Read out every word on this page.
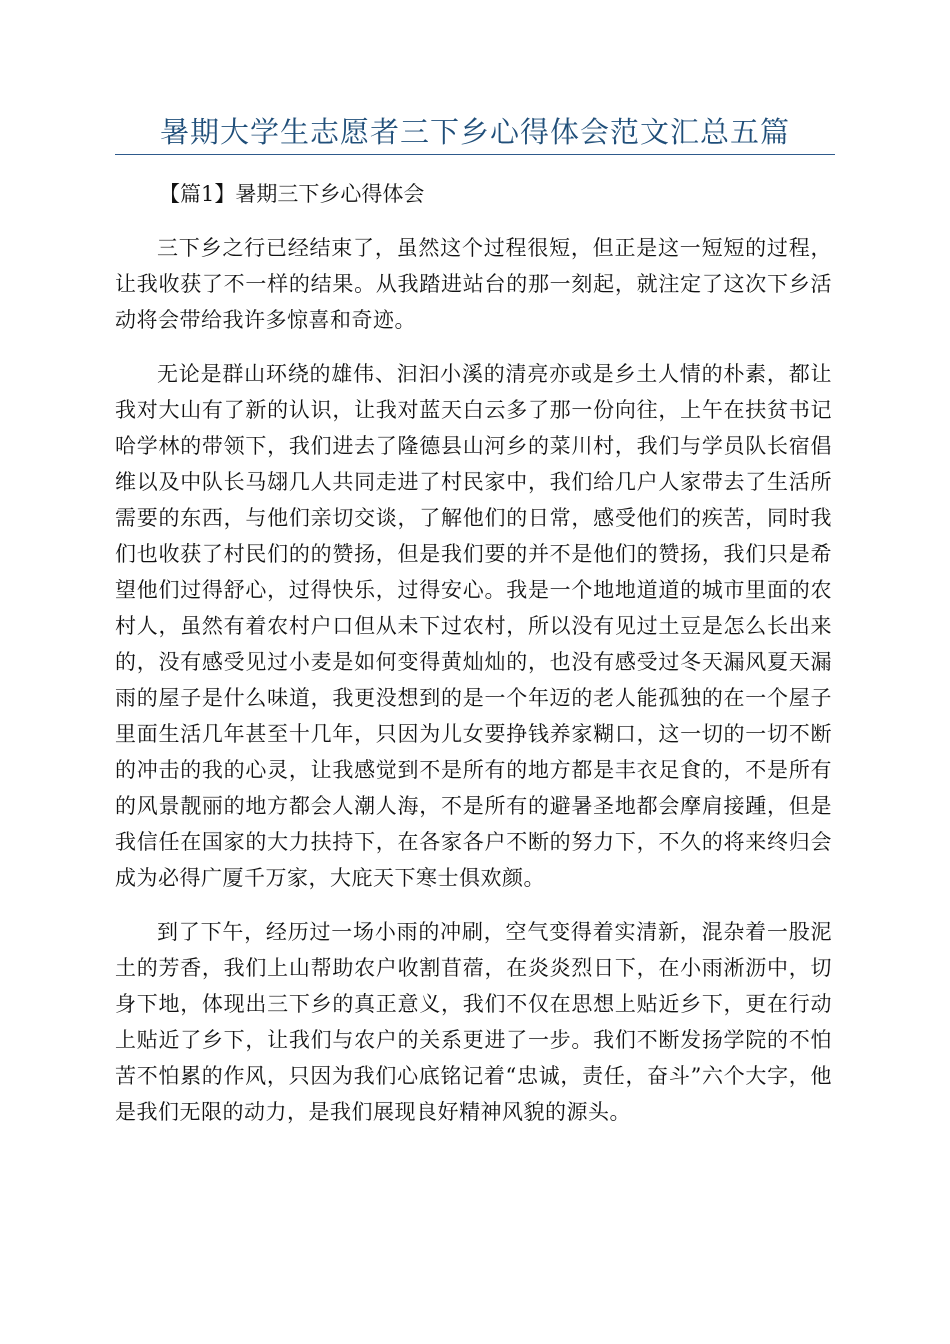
暑期大学生志愿者三下乡心得体会范文汇总五篇

【篇1】暑期三下乡心得体会

三下乡之行已经结束了，虽然这个过程很短，但正是这一短短的过程，让我收获了不一样的结果。从我踏进站台的那一刻起，就注定了这次下乡活动将会带给我许多惊喜和奇迹。

无论是群山环绕的雄伟、汩汩小溪的清亮亦或是乡土人情的朴素，都让我对大山有了新的认识，让我对蓝天白云多了那一份向往，上午在扶贫书记哈学林的带领下，我们进去了隆德县山河乡的菜川村，我们与学员队长宿倡维以及中队长马翃几人共同走进了村民家中，我们给几户人家带去了生活所需要的东西，与他们亲切交谈，了解他们的日常，感受他们的疾苦，同时我们也收获了村民们的的赞扬，但是我们要的并不是他们的赞扬，我们只是希望他们过得舒心，过得快乐，过得安心。我是一个地地道道的城市里面的农村人，虽然有着农村户口但从未下过农村，所以没有见过土豆是怎么长出来的，没有感受见过小麦是如何变得黄灿灿的，也没有感受过冬天漏风夏天漏雨的屋子是什么味道，我更没想到的是一个年迈的老人能孤独的在一个屋子里面生活几年甚至十几年，只因为儿女要挣钱养家糊口，这一切的一切不断的冲击的我的心灵，让我感觉到不是所有的地方都是丰衣足食的，不是所有的风景靓丽的地方都会人潮人海，不是所有的避暑圣地都会摩肩接踵，但是我信任在国家的大力扶持下，在各家各户不断的努力下，不久的将来终归会成为必得广厦千万家，大庇天下寒士俱欢颜。

到了下午，经历过一场小雨的冲刷，空气变得着实清新，混杂着一股泥土的芳香，我们上山帮助农户收割苜蓿，在炎炎烈日下，在小雨淅沥中，切身下地，体现出三下乡的真正意义，我们不仅在思想上贴近乡下，更在行动上贴近了乡下，让我们与农户的关系更进了一步。我们不断发扬学院的不怕苦不怕累的作风，只因为我们心底铭记着“忠诚，责任，奋斗”六个大字，他是我们无限的动力，是我们展现良好精神风貌的源头。
